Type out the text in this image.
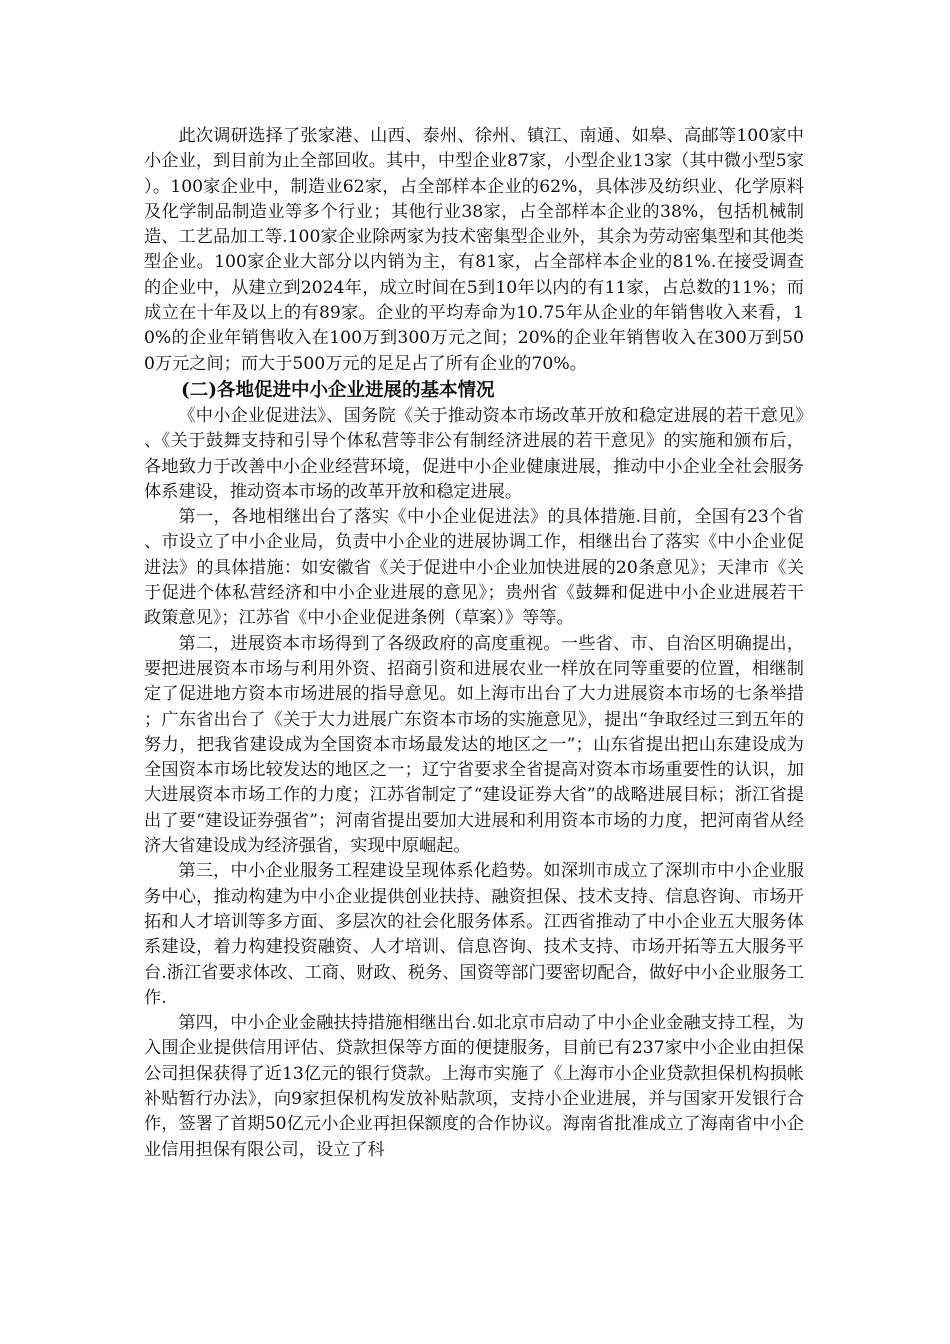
此次调研选择了张家港、山西、泰州、徐州、镇江、南通、如皋、高邮等100家中小企业，到目前为止全部回收。其中，中型企业87家，小型企业13家（其中微小型5家）。100家企业中，制造业62家，占全部样本企业的62%，具体涉及纺织业、化学原料及化学制品制造业等多个行业；其他行业38家，占全部样本企业的38%，包括机械制造、工艺品加工等.100家企业除两家为技术密集型企业外，其余为劳动密集型和其他类型企业。100家企业大部分以内销为主，有81家，占全部样本企业的81%.在接受调查的企业中，从建立到2024年，成立时间在5到10年以内的有11家，占总数的11%；而成立在十年及以上的有89家。企业的平均寿命为10.75年从企业的年销售收入来看，10%的企业年销售收入在100万到300万元之间；20%的企业年销售收入在300万到500万元之间；而大于500万元的足足占了所有企业的70%。

(二)各地促进中小企业进展的基本情况

《中小企业促进法》、国务院《关于推动资本市场改革开放和稳定进展的若干意见》、《关于鼓舞支持和引导个体私营等非公有制经济进展的若干意见》的实施和颁布后，各地致力于改善中小企业经营环境，促进中小企业健康进展，推动中小企业全社会服务体系建设，推动资本市场的改革开放和稳定进展。

第一，各地相继出台了落实《中小企业促进法》的具体措施.目前，全国有23个省、市设立了中小企业局，负责中小企业的进展协调工作，相继出台了落实《中小企业促进法》的具体措施：如安徽省《关于促进中小企业加快进展的20条意见》；天津市《关于促进个体私营经济和中小企业进展的意见》；贵州省《鼓舞和促进中小企业进展若干政策意见》；江苏省《中小企业促进条例（草案）》等等。

第二，进展资本市场得到了各级政府的高度重视。一些省、市、自治区明确提出，要把进展资本市场与利用外资、招商引资和进展农业一样放在同等重要的位置，相继制定了促进地方资本市场进展的指导意见。如上海市出台了大力进展资本市场的七条举措；广东省出台了《关于大力进展广东资本市场的实施意见》，提出“争取经过三到五年的努力，把我省建设成为全国资本市场最发达的地区之一”；山东省提出把山东建设成为全国资本市场比较发达的地区之一；辽宁省要求全省提高对资本市场重要性的认识，加大进展资本市场工作的力度；江苏省制定了“建设证券大省”的战略进展目标；浙江省提出了要“建设证券强省”；河南省提出要加大进展和利用资本市场的力度，把河南省从经济大省建设成为经济强省，实现中原崛起。

第三，中小企业服务工程建设呈现体系化趋势。如深圳市成立了深圳市中小企业服务中心，推动构建为中小企业提供创业扶持、融资担保、技术支持、信息咨询、市场开拓和人才培训等多方面、多层次的社会化服务体系。江西省推动了中小企业五大服务体系建设，着力构建投资融资、人才培训、信息咨询、技术支持、市场开拓等五大服务平台.浙江省要求体改、工商、财政、税务、国资等部门要密切配合，做好中小企业服务工作.

第四，中小企业金融扶持措施相继出台.如北京市启动了中小企业金融支持工程，为入围企业提供信用评估、贷款担保等方面的便捷服务，目前已有237家中小企业由担保公司担保获得了近13亿元的银行贷款。上海市实施了《上海市小企业贷款担保机构损帐补贴暂行办法》，向9家担保机构发放补贴款项，支持小企业进展，并与国家开发银行合作，签署了首期50亿元小企业再担保额度的合作协议。海南省批准成立了海南省中小企业信用担保有限公司，设立了科
